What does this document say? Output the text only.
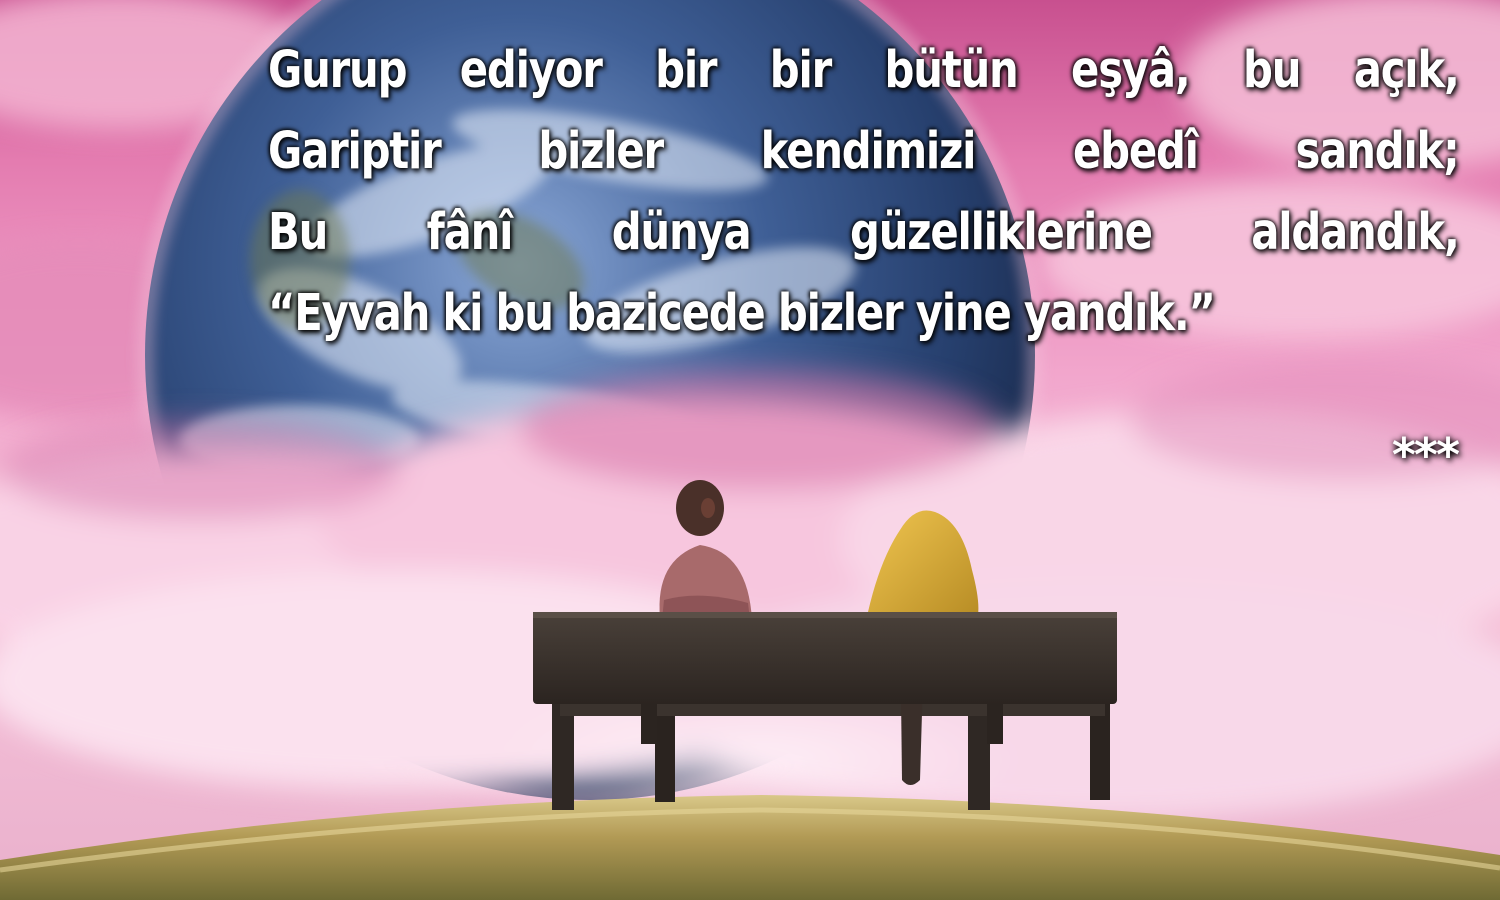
Gurup ediyor bir bir bütün eşyâ, bu açık,
Gariptir bizler kendimizi ebedî sandık;
Bu fânî dünya güzelliklerine aldandık,
“Eyvah ki bu bazicede bizler yine yandık.”
***
